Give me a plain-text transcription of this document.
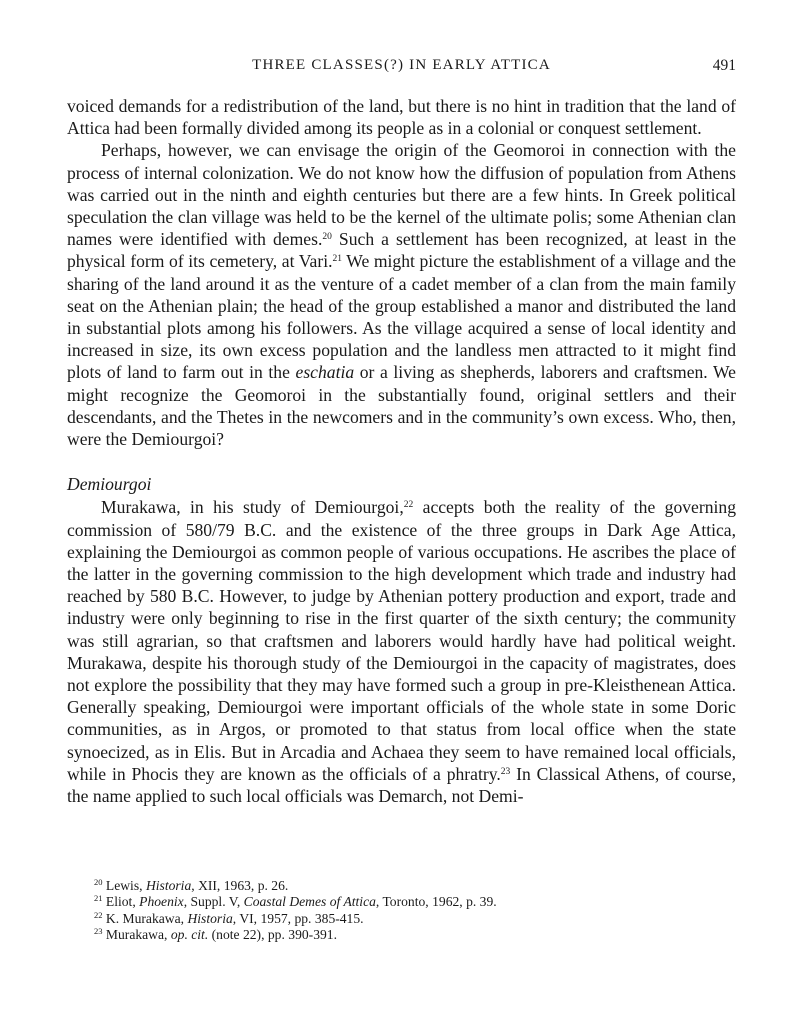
THREE CLASSES(?) IN EARLY ATTICA	491

voiced demands for a redistribution of the land, but there is no hint in tradition that the land of Attica had been formally divided among its people as in a colonial or conquest settlement.

Perhaps, however, we can envisage the origin of the Geomoroi in connection with the process of internal colonization. We do not know how the diffusion of population from Athens was carried out in the ninth and eighth centuries but there are a few hints. In Greek political speculation the clan village was held to be the kernel of the ultimate polis; some Athenian clan names were identified with demes.$^{20}$ Such a settlement has been recognized, at least in the physical form of its cemetery, at Vari.$^{21}$ We might picture the establishment of a village and the sharing of the land around it as the venture of a cadet member of a clan from the main family seat on the Athenian plain; the head of the group established a manor and distributed the land in substantial plots among his followers. As the village acquired a sense of local identity and increased in size, its own excess population and the landless men attracted to it might find plots of land to farm out in the eschatia or a living as shepherds, laborers and craftsmen. We might recognize the Geomoroi in the substantially found, original settlers and their descendants, and the Thetes in the newcomers and in the community’s own excess. Who, then, were the Demiourgoi?

Demiourgoi

Murakawa, in his study of Demiourgoi,$^{22}$ accepts both the reality of the governing commission of 580/79 B.C. and the existence of the three groups in Dark Age Attica, explaining the Demiourgoi as common people of various occupations. He ascribes the place of the latter in the governing commission to the high development which trade and industry had reached by 580 B.C. However, to judge by Athenian pottery production and export, trade and industry were only beginning to rise in the first quarter of the sixth century; the community was still agrarian, so that craftsmen and laborers would hardly have had political weight. Murakawa, despite his thorough study of the Demiourgoi in the capacity of magistrates, does not explore the possibility that they may have formed such a group in pre-Kleisthenean Attica. Generally speaking, Demiourgoi were important officials of the whole state in some Doric communities, as in Argos, or promoted to that status from local office when the state synoecized, as in Elis. But in Arcadia and Achaea they seem to have remained local officials, while in Phocis they are known as the officials of a phratry.$^{23}$ In Classical Athens, of course, the name applied to such local officials was Demarch, not Demi-

$^{20}$ Lewis, Historia, XII, 1963, p. 26.
$^{21}$ Eliot, Phoenix, Suppl. V, Coastal Demes of Attica, Toronto, 1962, p. 39.
$^{22}$ K. Murakawa, Historia, VI, 1957, pp. 385-415.
$^{23}$ Murakawa, op. cit. (note 22), pp. 390-391.
